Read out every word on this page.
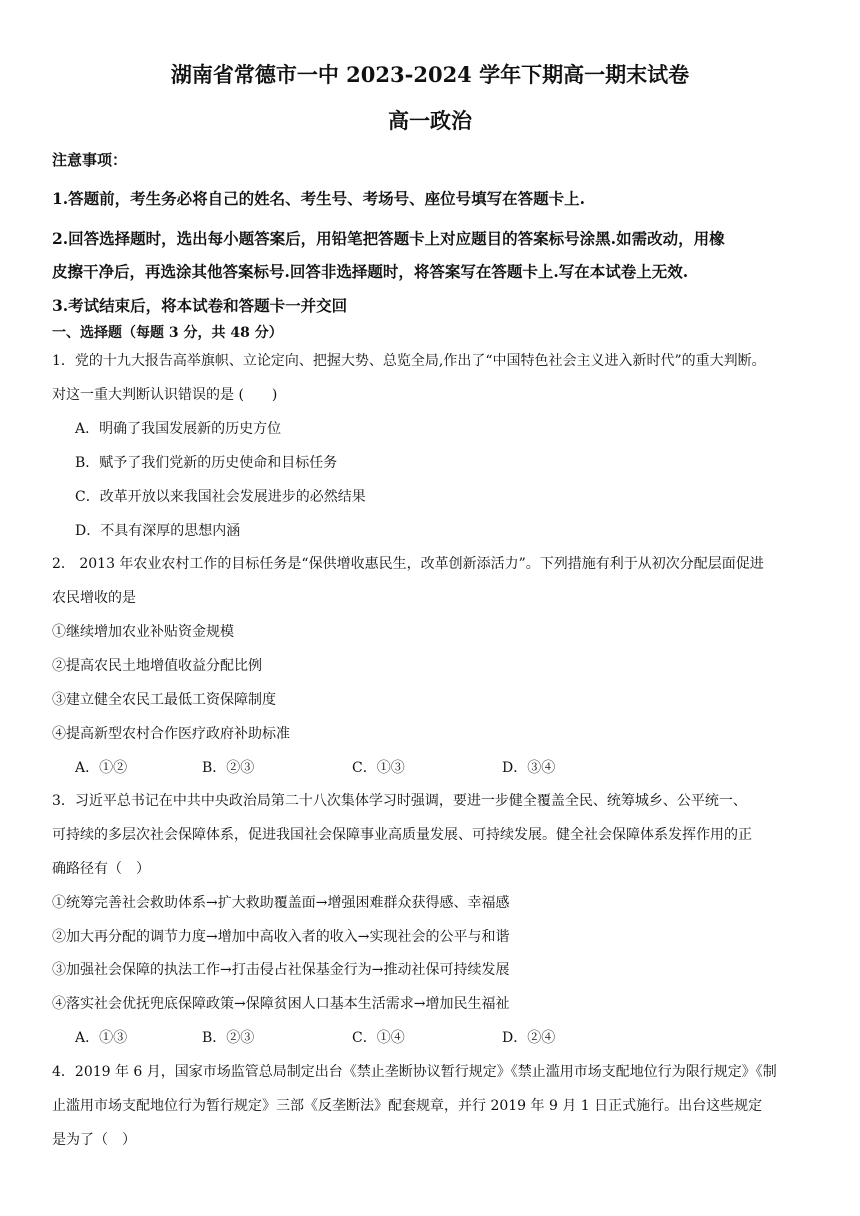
湖南省常德市一中 2023-2024 学年下期高一期末试卷
高一政治
注意事项：
1.答题前，考生务必将自己的姓名、考生号、考场号、座位号填写在答题卡上.
2.回答选择题时，选出每小题答案后，用铅笔把答题卡上对应题目的答案标号涂黑.如需改动，用橡
皮擦干净后，再选涂其他答案标号.回答非选择题时，将答案写在答题卡上.写在本试卷上无效.
3.考试结束后，将本试卷和答题卡一并交回
一、选择题（每题 3 分，共 48 分）
1．党的十九大报告高举旗帜、立论定向、把握大势、总览全局,作出了“中国特色社会主义进入新时代”的重大判断。
对这一重大判断认识错误的是 (　　)
A．明确了我国发展新的历史方位
B．赋予了我们党新的历史使命和目标任务
C．改革开放以来我国社会发展进步的必然结果
D．不具有深厚的思想内涵
2． 2013 年农业农村工作的目标任务是“保供增收惠民生，改革创新添活力”。下列措施有利于从初次分配层面促进
农民增收的是
①继续增加农业补贴资金规模
②提高农民土地增值收益分配比例
③建立健全农民工最低工资保障制度
④提高新型农村合作医疗政府补助标准
A．①②	B．②③	C．①③	D．③④
3．习近平总书记在中共中央政治局第二十八次集体学习时强调，要进一步健全覆盖全民、统筹城乡、公平统一、
可持续的多层次社会保障体系，促进我国社会保障事业高质量发展、可持续发展。健全社会保障体系发挥作用的正
确路径有（　）
①统筹完善社会救助体系→扩大救助覆盖面→增强困难群众获得感、幸福感
②加大再分配的调节力度→增加中高收入者的收入→实现社会的公平与和谐
③加强社会保障的执法工作→打击侵占社保基金行为→推动社保可持续发展
④落实社会优抚兜底保障政策→保障贫困人口基本生活需求→增加民生福祉
A．①③	B．②③	C．①④	D．②④
4．2019 年 6 月，国家市场监管总局制定出台《禁止垄断协议暂行规定》《禁止滥用市场支配地位行为限行规定》《制
止滥用市场支配地位行为暂行规定》三部《反垄断法》配套规章，并行 2019 年 9 月 1 日正式施行。出台这些规定
是为了（　）
